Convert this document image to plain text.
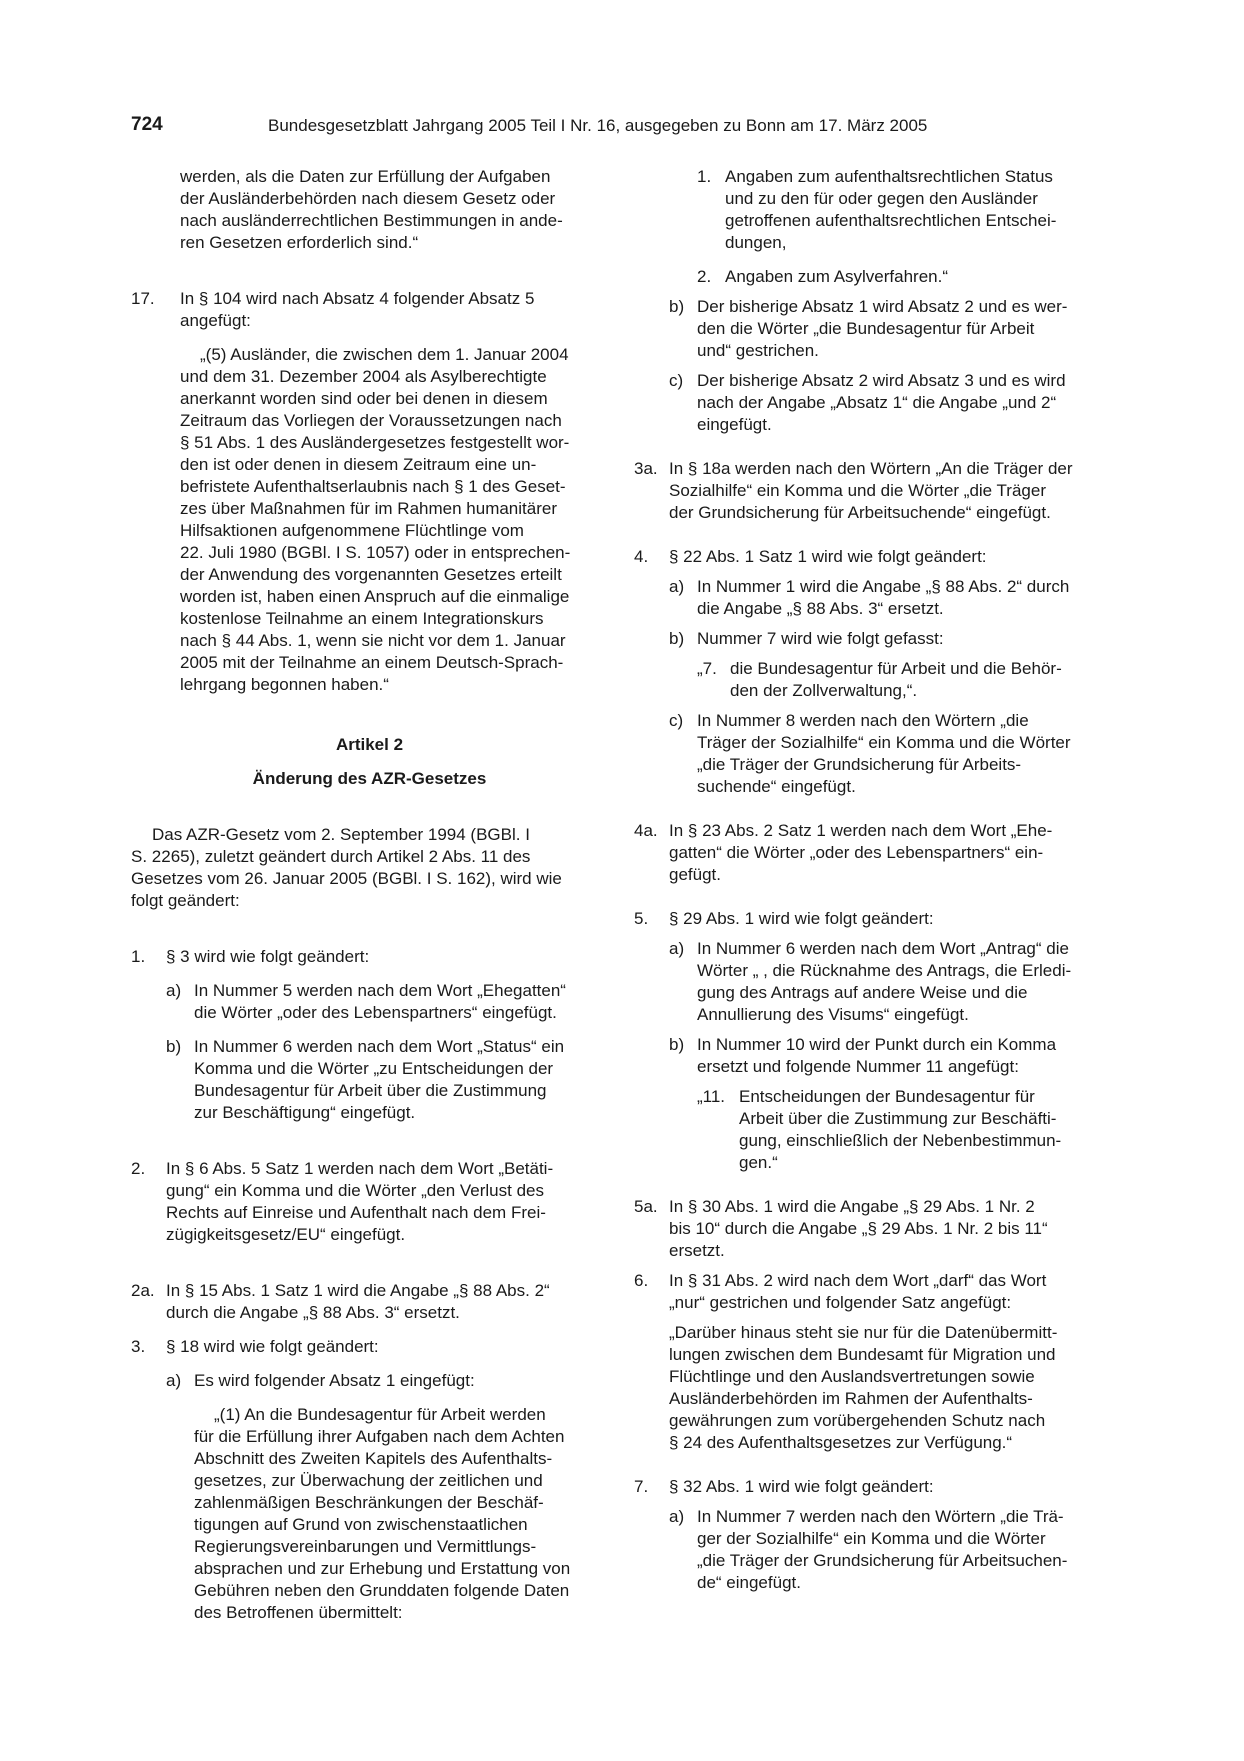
724	Bundesgesetzblatt Jahrgang 2005 Teil I Nr. 16, ausgegeben zu Bonn am 17. März 2005
werden, als die Daten zur Erfüllung der Aufgaben
der Ausländerbehörden nach diesem Gesetz oder
nach ausländerrechtlichen Bestimmungen in ande-
ren Gesetzen erforderlich sind.“
17. In § 104 wird nach Absatz 4 folgender Absatz 5
angefügt:
„(5) Ausländer, die zwischen dem 1. Januar 2004
und dem 31. Dezember 2004 als Asylberechtigte
anerkannt worden sind oder bei denen in diesem
Zeitraum das Vorliegen der Voraussetzungen nach
§ 51 Abs. 1 des Ausländergesetzes festgestellt wor-
den ist oder denen in diesem Zeitraum eine un-
befristete Aufenthaltserlaubnis nach § 1 des Geset-
zes über Maßnahmen für im Rahmen humanitärer
Hilfsaktionen aufgenommene Flüchtlinge vom
22. Juli 1980 (BGBl. I S. 1057) oder in entsprechen-
der Anwendung des vorgenannten Gesetzes erteilt
worden ist, haben einen Anspruch auf die einmalige
kostenlose Teilnahme an einem Integrationskurs
nach § 44 Abs. 1, wenn sie nicht vor dem 1. Januar
2005 mit der Teilnahme an einem Deutsch-Sprach-
lehrgang begonnen haben.“
Artikel 2
Änderung des AZR-Gesetzes
Das AZR-Gesetz vom 2. September 1994 (BGBl. I
S. 2265), zuletzt geändert durch Artikel 2 Abs. 11 des
Gesetzes vom 26. Januar 2005 (BGBl. I S. 162), wird wie
folgt geändert:
1. § 3 wird wie folgt geändert:
a) In Nummer 5 werden nach dem Wort „Ehegatten“
die Wörter „oder des Lebenspartners“ eingefügt.
b) In Nummer 6 werden nach dem Wort „Status“ ein
Komma und die Wörter „zu Entscheidungen der
Bundesagentur für Arbeit über die Zustimmung
zur Beschäftigung“ eingefügt.
2. In § 6 Abs. 5 Satz 1 werden nach dem Wort „Betäti-
gung“ ein Komma und die Wörter „den Verlust des
Rechts auf Einreise und Aufenthalt nach dem Frei-
zügigkeitsgesetz/EU“ eingefügt.
2a. In § 15 Abs. 1 Satz 1 wird die Angabe „§ 88 Abs. 2“
durch die Angabe „§ 88 Abs. 3“ ersetzt.
3. § 18 wird wie folgt geändert:
a) Es wird folgender Absatz 1 eingefügt:
„(1) An die Bundesagentur für Arbeit werden
für die Erfüllung ihrer Aufgaben nach dem Achten
Abschnitt des Zweiten Kapitels des Aufenthalts-
gesetzes, zur Überwachung der zeitlichen und
zahlenmäßigen Beschränkungen der Beschäf-
tigungen auf Grund von zwischenstaatlichen
Regierungsvereinbarungen und Vermittlungs-
absprachen und zur Erhebung und Erstattung von
Gebühren neben den Grunddaten folgende Daten
des Betroffenen übermittelt:
1. Angaben zum aufenthaltsrechtlichen Status
und zu den für oder gegen den Ausländer
getroffenen aufenthaltsrechtlichen Entschei-
dungen,
2. Angaben zum Asylverfahren.“
b) Der bisherige Absatz 1 wird Absatz 2 und es wer-
den die Wörter „die Bundesagentur für Arbeit
und“ gestrichen.
c) Der bisherige Absatz 2 wird Absatz 3 und es wird
nach der Angabe „Absatz 1“ die Angabe „und 2“
eingefügt.
3a. In § 18a werden nach den Wörtern „An die Träger der
Sozialhilfe“ ein Komma und die Wörter „die Träger
der Grundsicherung für Arbeitsuchende“ eingefügt.
4. § 22 Abs. 1 Satz 1 wird wie folgt geändert:
a) In Nummer 1 wird die Angabe „§ 88 Abs. 2“ durch
die Angabe „§ 88 Abs. 3“ ersetzt.
b) Nummer 7 wird wie folgt gefasst:
„7. die Bundesagentur für Arbeit und die Behör-
den der Zollverwaltung,“.
c) In Nummer 8 werden nach den Wörtern „die
Träger der Sozialhilfe“ ein Komma und die Wörter
„die Träger der Grundsicherung für Arbeits-
suchende“ eingefügt.
4a. In § 23 Abs. 2 Satz 1 werden nach dem Wort „Ehe-
gatten“ die Wörter „oder des Lebenspartners“ ein-
gefügt.
5. § 29 Abs. 1 wird wie folgt geändert:
a) In Nummer 6 werden nach dem Wort „Antrag“ die
Wörter „ , die Rücknahme des Antrags, die Erledi-
gung des Antrags auf andere Weise und die
Annullierung des Visums“ eingefügt.
b) In Nummer 10 wird der Punkt durch ein Komma
ersetzt und folgende Nummer 11 angefügt:
„11. Entscheidungen der Bundesagentur für
Arbeit über die Zustimmung zur Beschäfti-
gung, einschließlich der Nebenbestimmun-
gen.“
5a. In § 30 Abs. 1 wird die Angabe „§ 29 Abs. 1 Nr. 2
bis 10“ durch die Angabe „§ 29 Abs. 1 Nr. 2 bis 11“
ersetzt.
6. In § 31 Abs. 2 wird nach dem Wort „darf“ das Wort
„nur“ gestrichen und folgender Satz angefügt:
„Darüber hinaus steht sie nur für die Datenübermitt-
lungen zwischen dem Bundesamt für Migration und
Flüchtlinge und den Auslandsvertretungen sowie
Ausländerbehörden im Rahmen der Aufenthalts-
gewährungen zum vorübergehenden Schutz nach
§ 24 des Aufenthaltsgesetzes zur Verfügung.“
7. § 32 Abs. 1 wird wie folgt geändert:
a) In Nummer 7 werden nach den Wörtern „die Trä-
ger der Sozialhilfe“ ein Komma und die Wörter
„die Träger der Grundsicherung für Arbeitsuchen-
de“ eingefügt.
